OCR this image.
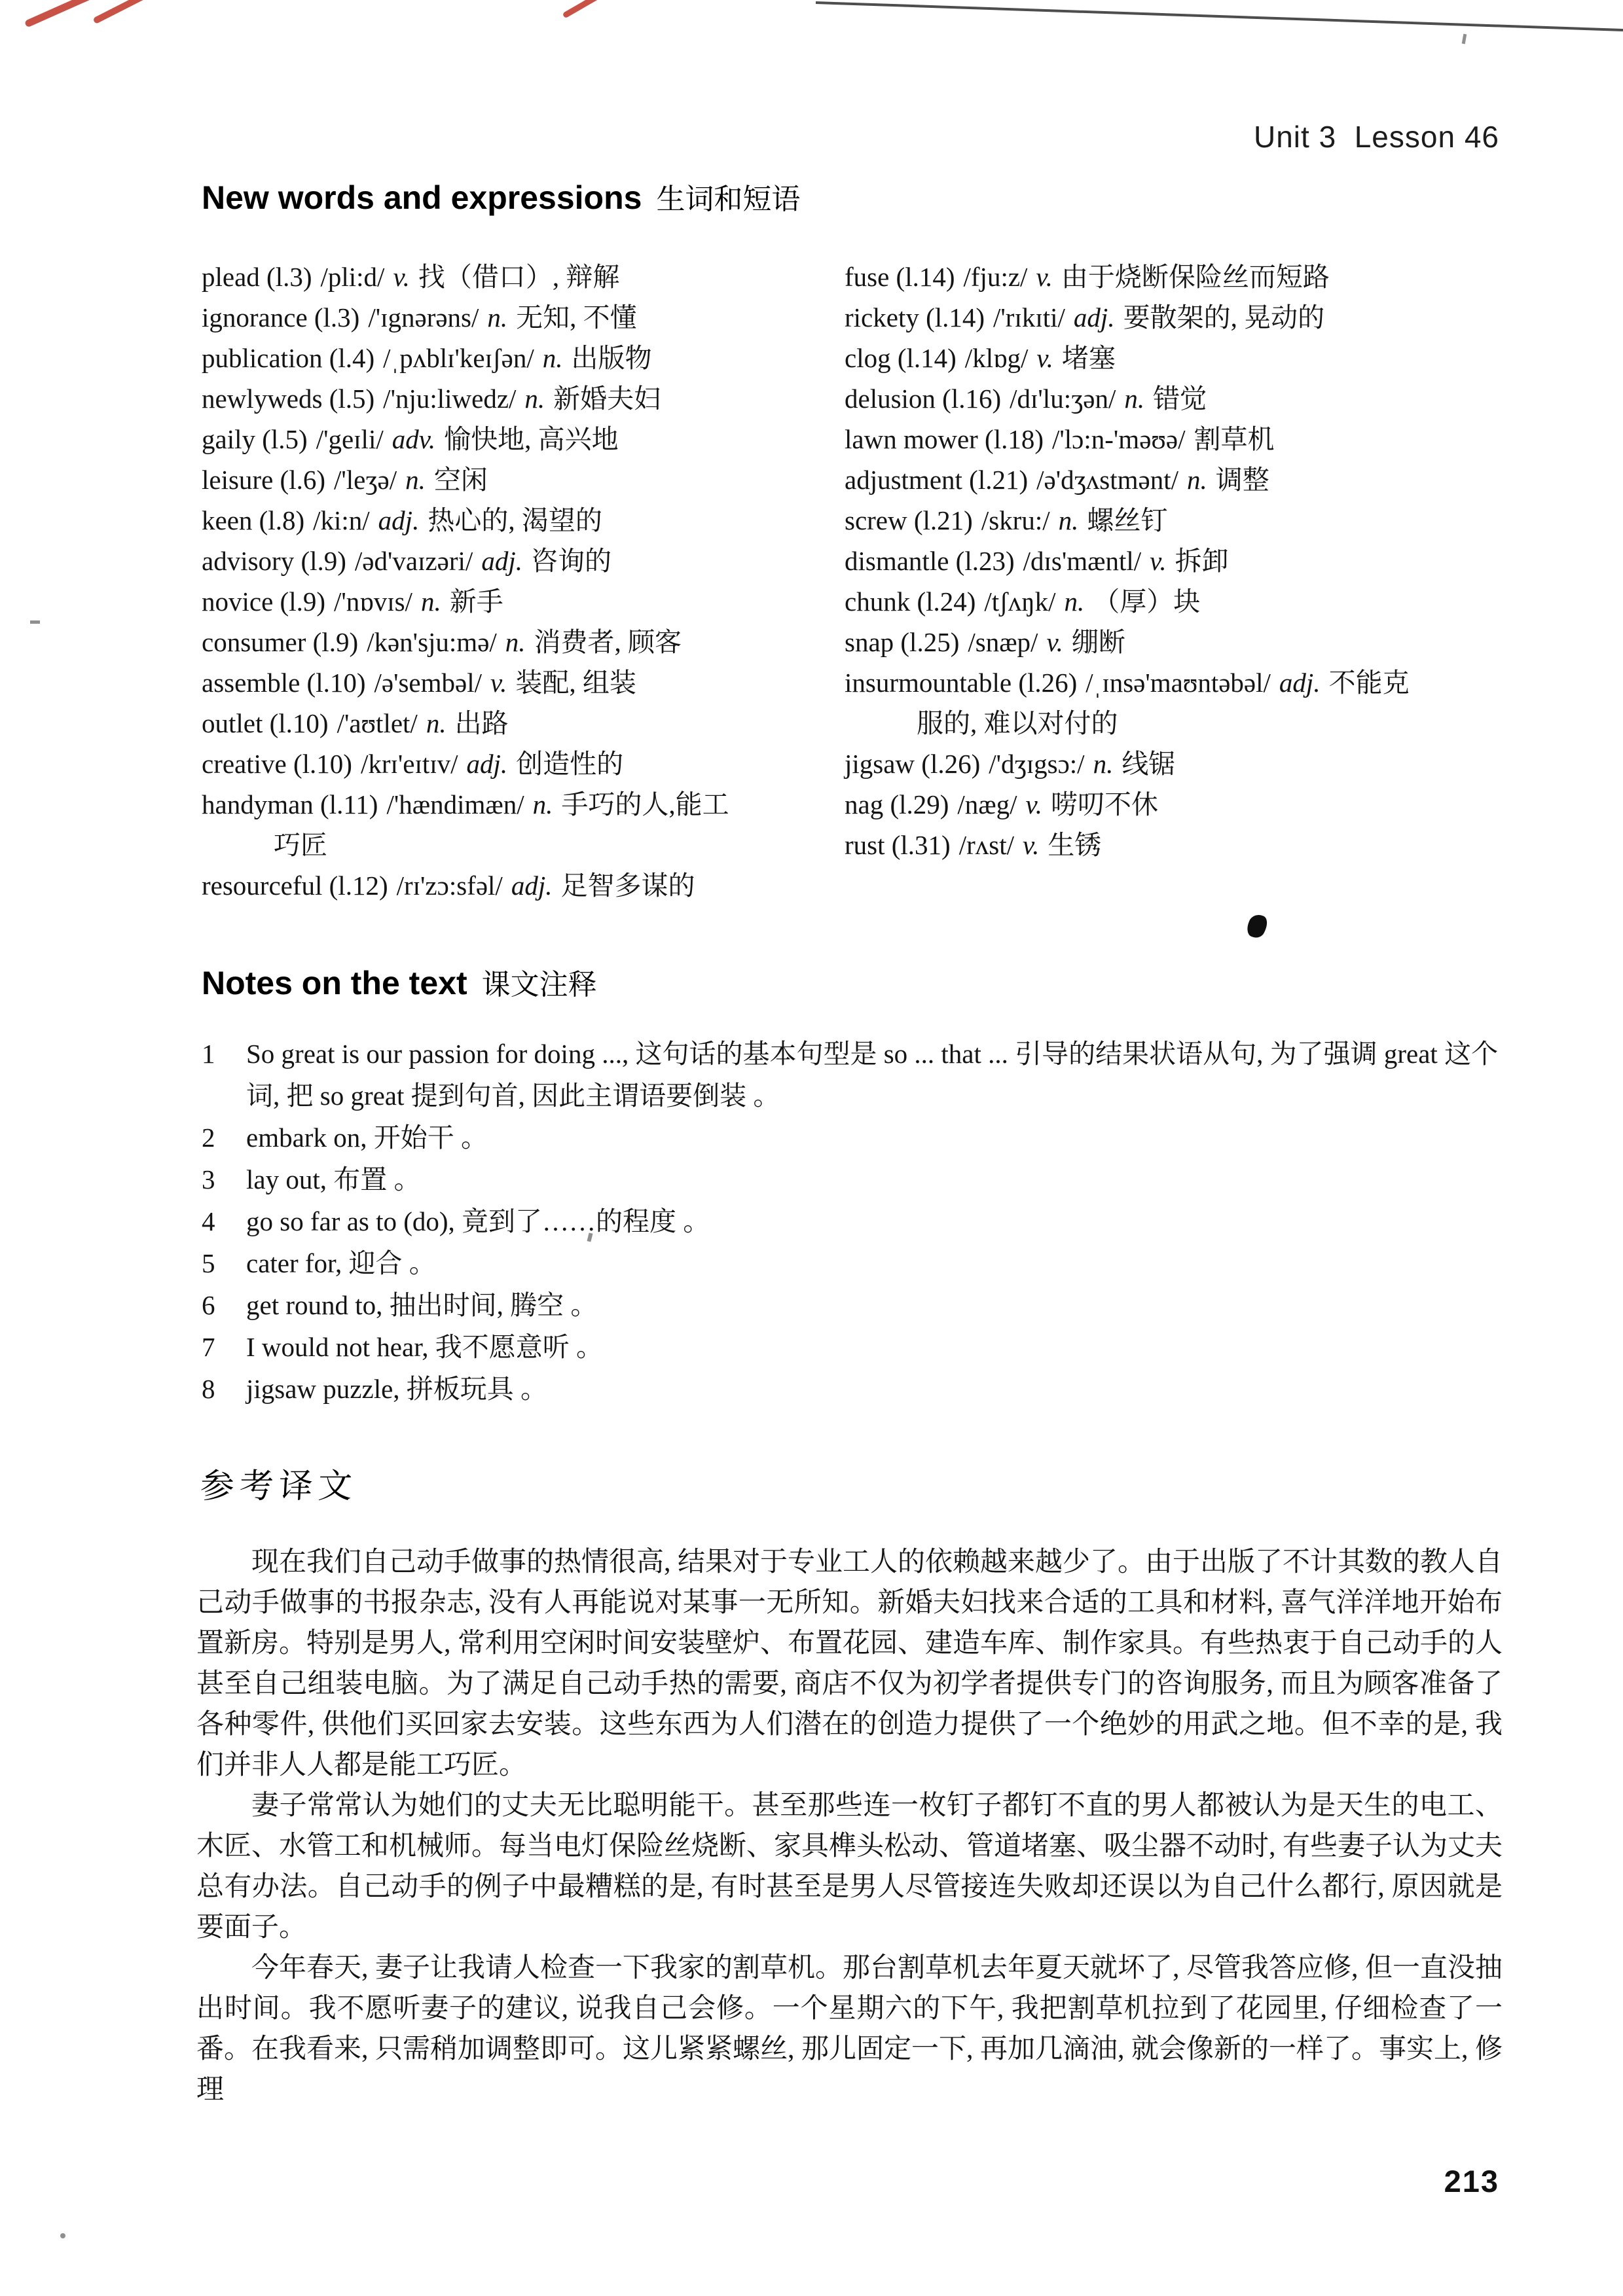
Unit 3  Lesson 46
New words and expressions 生词和短语
plead (l.3) /pli:d/ v. 找（借口）, 辩解
ignorance (l.3) /'ɪgnərəns/ n. 无知, 不懂
publication (l.4) /ˌpʌblɪ'keɪʃən/ n. 出版物
newlyweds (l.5) /'nju:liwedz/ n. 新婚夫妇
gaily (l.5) /'geɪli/ adv. 愉快地, 高兴地
leisure (l.6) /'leʒə/ n. 空闲
keen (l.8) /ki:n/ adj. 热心的, 渴望的
advisory (l.9) /əd'vaɪzəri/ adj. 咨询的
novice (l.9) /'nɒvɪs/ n. 新手
consumer (l.9) /kən'sju:mə/ n. 消费者, 顾客
assemble (l.10) /ə'sembəl/ v. 装配, 组装
outlet (l.10) /'aʊtlet/ n. 出路
creative (l.10) /krɪ'eɪtɪv/ adj. 创造性的
handyman (l.11) /'hændimæn/ n. 手巧的人,能工
巧匠
resourceful (l.12) /rɪ'zɔ:sfəl/ adj. 足智多谋的
fuse (l.14) /fju:z/ v. 由于烧断保险丝而短路
rickety (l.14) /'rɪkɪti/ adj. 要散架的, 晃动的
clog (l.14) /klɒg/ v. 堵塞
delusion (l.16) /dɪ'lu:ʒən/ n. 错觉
lawn mower (l.18) /'lɔ:n-'məʊə/ 割草机
adjustment (l.21) /ə'dʒʌstmənt/ n. 调整
screw (l.21) /skru:/ n. 螺丝钉
dismantle (l.23) /dɪs'mæntl/ v. 拆卸
chunk (l.24) /tʃʌŋk/ n. （厚）块
snap (l.25) /snæp/ v. 绷断
insurmountable (l.26) /ˌɪnsə'maʊntəbəl/ adj. 不能克
服的, 难以对付的
jigsaw (l.26) /'dʒɪgsɔ:/ n. 线锯
nag (l.29) /næg/ v. 唠叨不休
rust (l.31) /rʌst/ v. 生锈
Notes on the text 课文注释
1	So great is our passion for doing ..., 这句话的基本句型是 so ... that ... 引导的结果状语从句, 为了强调 great 这个词, 把 so great 提到句首, 因此主谓语要倒装 。
2	embark on, 开始干 。
3	lay out, 布置 。
4	go so far as to (do), 竟到了……的程度 。
5	cater for, 迎合 。
6	get round to, 抽出时间, 腾空 。
7	I would not hear, 我不愿意听 。
8	jigsaw puzzle, 拼板玩具 。
参考译文

现在我们自己动手做事的热情很高, 结果对于专业工人的依赖越来越少了。由于出版了不计其数的教人自己动手做事的书报杂志, 没有人再能说对某事一无所知。新婚夫妇找来合适的工具和材料, 喜气洋洋地开始布置新房。特别是男人, 常利用空闲时间安装壁炉、布置花园、建造车库、制作家具。有些热衷于自己动手的人甚至自己组装电脑。为了满足自己动手热的需要, 商店不仅为初学者提供专门的咨询服务, 而且为顾客准备了各种零件, 供他们买回家去安装。这些东西为人们潜在的创造力提供了一个绝妙的用武之地。但不幸的是, 我们并非人人都是能工巧匠。

妻子常常认为她们的丈夫无比聪明能干。甚至那些连一枚钉子都钉不直的男人都被认为是天生的电工、木匠、水管工和机械师。每当电灯保险丝烧断、家具榫头松动、管道堵塞、吸尘器不动时, 有些妻子认为丈夫总有办法。自己动手的例子中最糟糕的是, 有时甚至是男人尽管接连失败却还误以为自己什么都行, 原因就是要面子。

今年春天, 妻子让我请人检查一下我家的割草机。那台割草机去年夏天就坏了, 尽管我答应修, 但一直没抽出时间。我不愿听妻子的建议, 说我自己会修。一个星期六的下午, 我把割草机拉到了花园里, 仔细检查了一番。在我看来, 只需稍加调整即可。这儿紧紧螺丝, 那儿固定一下, 再加几滴油, 就会像新的一样了。事实上, 修理

213
